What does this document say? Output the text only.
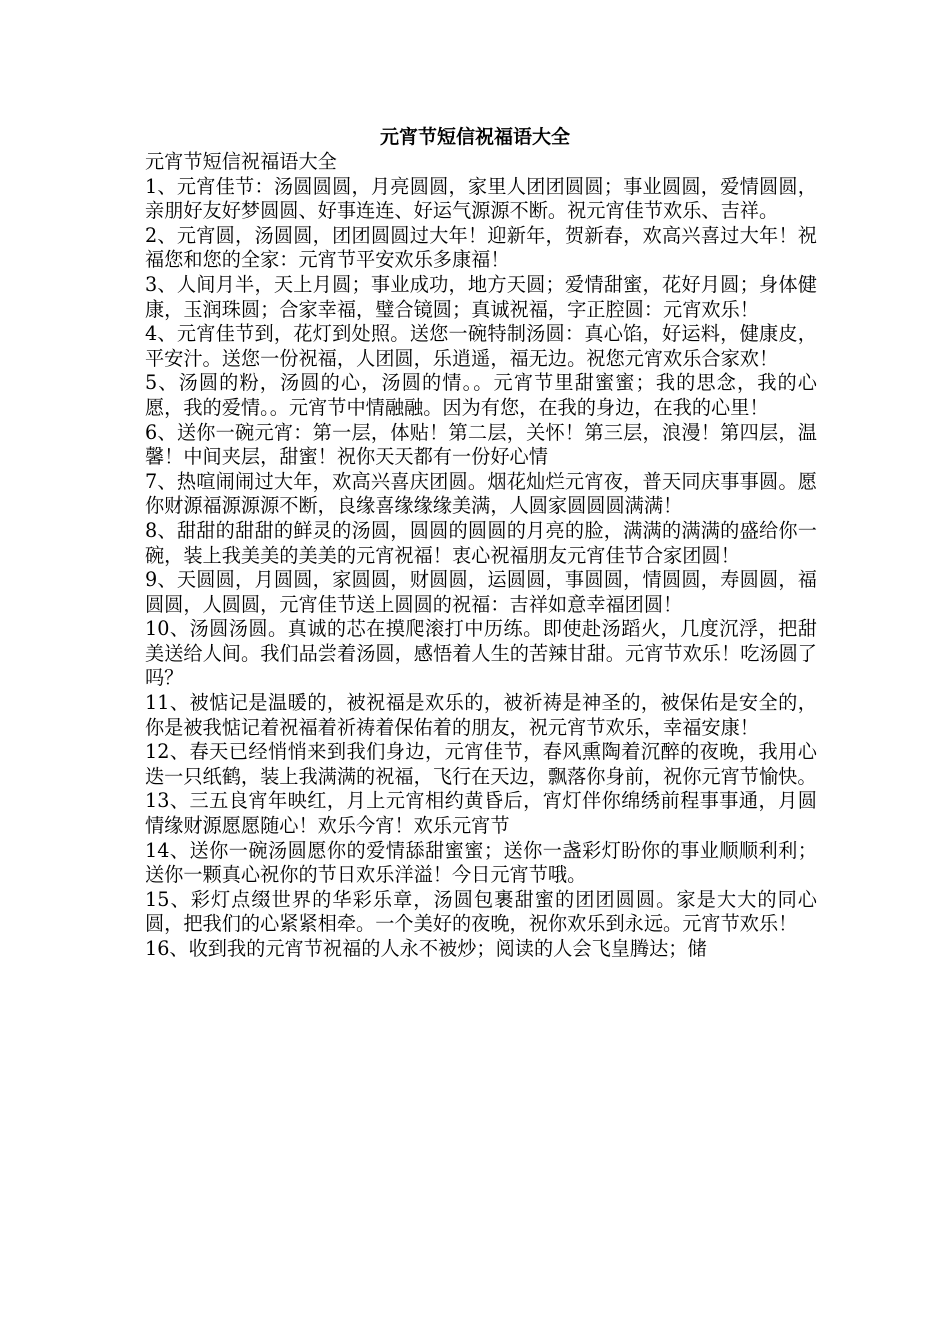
元宵节短信祝福语大全

元宵节短信祝福语大全

1、元宵佳节：汤圆圆圆，月亮圆圆，家里人团团圆圆；事业圆圆，爱情圆圆，亲朋好友好梦圆圆、好事连连、好运气源源不断。祝元宵佳节欢乐、吉祥。

2、元宵圆，汤圆圆，团团圆圆过大年！迎新年，贺新春，欢高兴喜过大年！祝福您和您的全家：元宵节平安欢乐多康福！

3、人间月半，天上月圆；事业成功，地方天圆；爱情甜蜜，花好月圆；身体健康，玉润珠圆；合家幸福，璧合镜圆；真诚祝福，字正腔圆：元宵欢乐！

4、元宵佳节到，花灯到处照。送您一碗特制汤圆：真心馅，好运料，健康皮，平安汁。送您一份祝福，人团圆，乐逍遥，福无边。祝您元宵欢乐合家欢！

5、汤圆的粉，汤圆的心，汤圆的情。。元宵节里甜蜜蜜；我的思念，我的心愿，我的爱情。。元宵节中情融融。因为有您，在我的身边，在我的心里！

6、送你一碗元宵：第一层，体贴！第二层，关怀！第三层，浪漫！第四层，温馨！中间夹层，甜蜜！祝你天天都有一份好心情

7、热喧闹闹过大年，欢高兴喜庆团圆。烟花灿烂元宵夜，普天同庆事事圆。愿你财源福源源源不断，良缘喜缘缘缘美满，人圆家圆圆圆满满！

8、甜甜的甜甜的鲜灵的汤圆，圆圆的圆圆的月亮的脸，满满的满满的盛给你一碗，装上我美美的美美的元宵祝福！衷心祝福朋友元宵佳节合家团圆！

9、天圆圆，月圆圆，家圆圆，财圆圆，运圆圆，事圆圆，情圆圆，寿圆圆，福圆圆，人圆圆，元宵佳节送上圆圆的祝福：吉祥如意幸福团圆！

10、汤圆汤圆。真诚的芯在摸爬滚打中历练。即使赴汤蹈火，几度沉浮，把甜美送给人间。我们品尝着汤圆，感悟着人生的苦辣甘甜。元宵节欢乐！吃汤圆了吗？

11、被惦记是温暖的，被祝福是欢乐的，被祈祷是神圣的，被保佑是安全的，你是被我惦记着祝福着祈祷着保佑着的朋友，祝元宵节欢乐，幸福安康！

12、春天已经悄悄来到我们身边，元宵佳节，春风熏陶着沉醉的夜晚，我用心迭一只纸鹤，装上我满满的祝福，飞行在天边，飘落你身前，祝你元宵节愉快。

13、三五良宵年映红，月上元宵相约黄昏后，宵灯伴你绵绣前程事事通，月圆情缘财源愿愿随心！欢乐今宵！欢乐元宵节

14、送你一碗汤圆愿你的爱情舔甜蜜蜜；送你一盏彩灯盼你的事业顺顺利利；送你一颗真心祝你的节日欢乐洋溢！今日元宵节哦。

15、彩灯点缀世界的华彩乐章，汤圆包裹甜蜜的团团圆圆。家是大大的同心圆，把我们的心紧紧相牵。一个美好的夜晚，祝你欢乐到永远。元宵节欢乐！

16、收到我的元宵节祝福的人永不被炒；阅读的人会飞皇腾达；储
